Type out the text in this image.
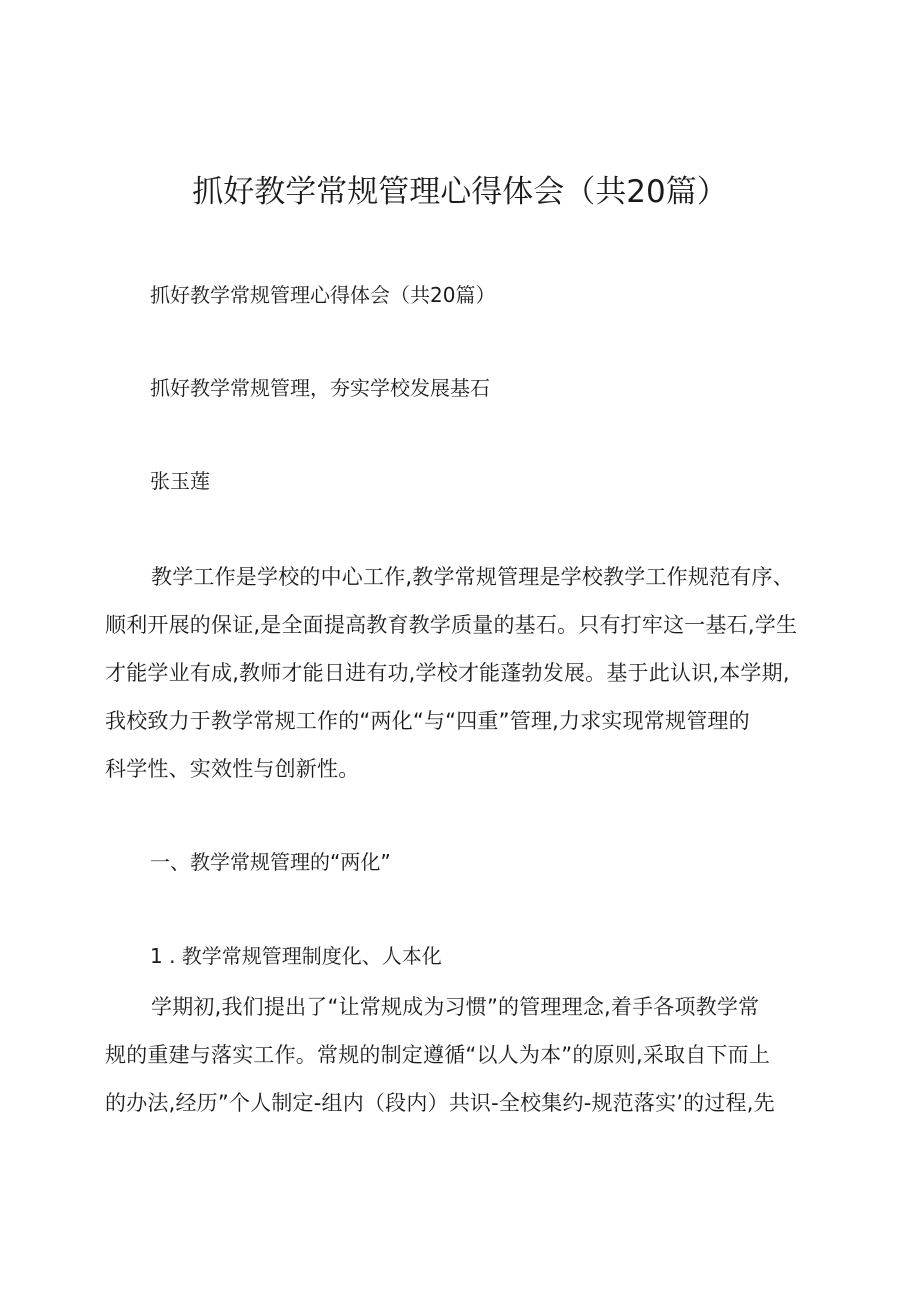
抓好教学常规管理心得体会（共20篇）
抓好教学常规管理心得体会（共20篇）
抓好教学常规管理，夯实学校发展基石
张玉莲
教学工作是学校的中心工作,教学常规管理是学校教学工作规范有序、
顺利开展的保证,是全面提高教育教学质量的基石。只有打牢这一基石,学生
才能学业有成,教师才能日进有功,学校才能蓬勃发展。基于此认识,本学期,
我校致力于教学常规工作的“两化“与“四重”管理,力求实现常规管理的
科学性、实效性与创新性。
一、教学常规管理的“两化”
1 . 教学常规管理制度化、人本化
学期初,我们提出了“让常规成为习惯”的管理理念,着手各项教学常
规的重建与落实工作。常规的制定遵循“以人为本”的原则,采取自下而上
的办法,经历”个人制定-组内（段内）共识-全校集约-规范落实’的过程,先
